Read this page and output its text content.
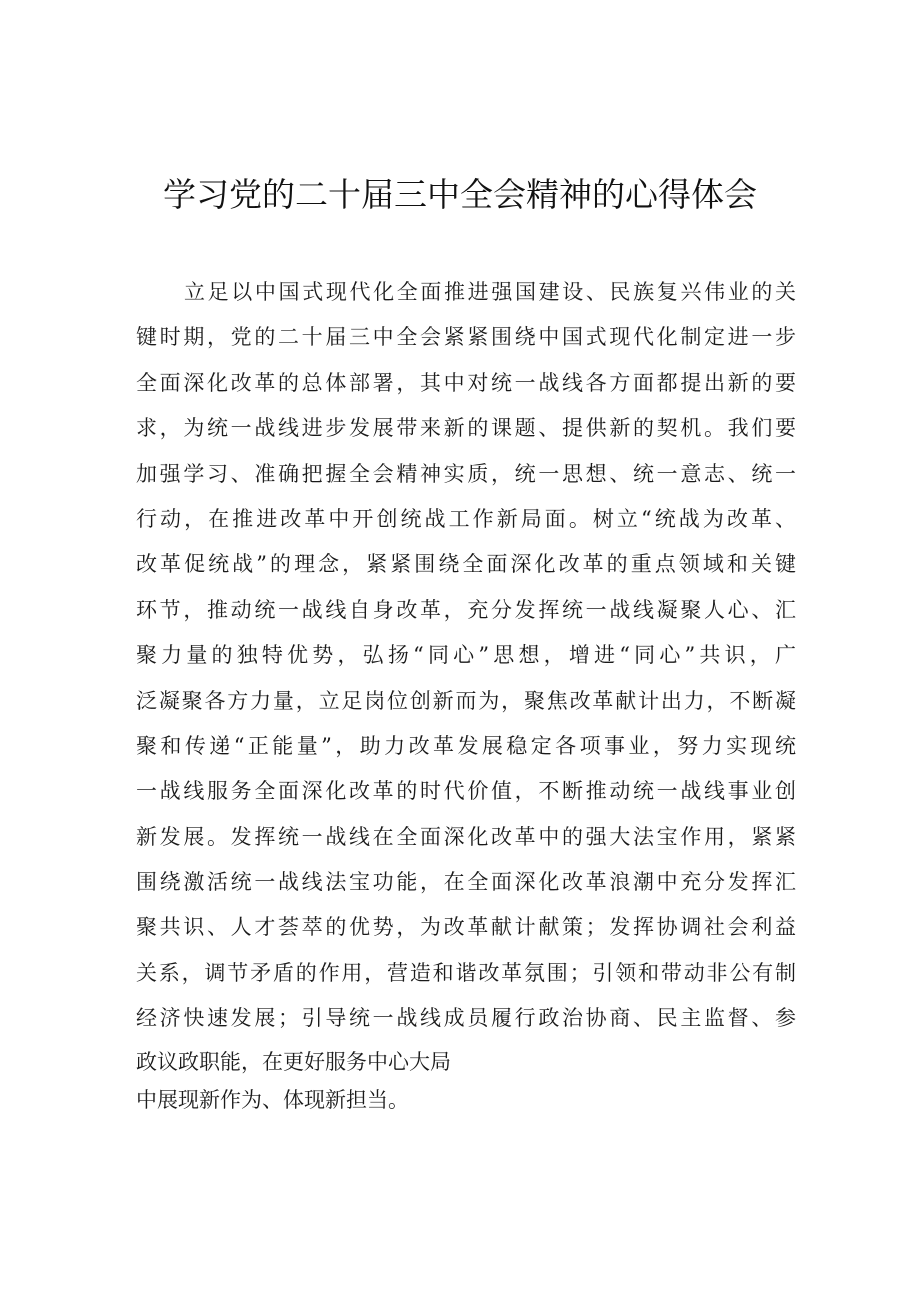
学习党的二十届三中全会精神的心得体会
立足以中国式现代化全面推进强国建设、民族复兴伟业的关
键时期，党的二十届三中全会紧紧围绕中国式现代化制定进一步
全面深化改革的总体部署，其中对统一战线各方面都提出新的要
求，为统一战线进步发展带来新的课题、提供新的契机。我们要
加强学习、准确把握全会精神实质，统一思想、统一意志、统一
行动，在推进改革中开创统战工作新局面。树立“统战为改革、
改革促统战”的理念，紧紧围绕全面深化改革的重点领域和关键
环节，推动统一战线自身改革，充分发挥统一战线凝聚人心、汇
聚力量的独特优势，弘扬“同心”思想，增进“同心”共识，广
泛凝聚各方力量，立足岗位创新而为，聚焦改革献计出力，不断凝
聚和传递“正能量”，助力改革发展稳定各项事业，努力实现统
一战线服务全面深化改革的时代价值，不断推动统一战线事业创
新发展。发挥统一战线在全面深化改革中的强大法宝作用，紧紧
围绕激活统一战线法宝功能，在全面深化改革浪潮中充分发挥汇
聚共识、人才荟萃的优势，为改革献计献策；发挥协调社会利益
关系，调节矛盾的作用，营造和谐改革氛围；引领和带动非公有制
经济快速发展；引导统一战线成员履行政治协商、民主监督、参
政议政职能，在更好服务中心大局
中展现新作为、体现新担当。
